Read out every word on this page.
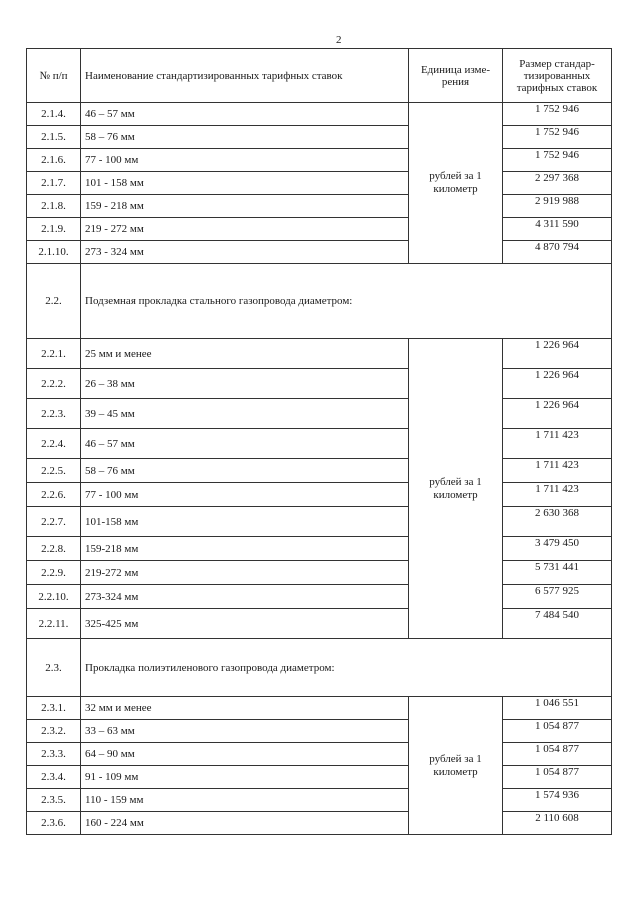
2
№ п/п	Наименование стандартизированных тарифных ставок	Единица изме-рения	Размер стандар-тизированных тарифных ставок
2.1.4.	46 – 57 мм	рублей за 1 километр	1 752 946
2.1.5.	58 – 76 мм		1 752 946
2.1.6.	77 - 100 мм		1 752 946
2.1.7.	101 - 158 мм		2 297 368
2.1.8.	159 - 218 мм		2 919 988
2.1.9.	219 - 272 мм		4 311 590
2.1.10.	273 - 324 мм		4 870 794
2.2.	Подземная прокладка стального газопровода диаметром:		
2.2.1.	25 мм и менее	рублей за 1 километр	1 226 964
2.2.2.	26 – 38 мм		1 226 964
2.2.3.	39 – 45 мм		1 226 964
2.2.4.	46 – 57 мм		1 711 423
2.2.5.	58 – 76 мм		1 711 423
2.2.6.	77 - 100 мм		1 711 423
2.2.7.	101-158 мм		2 630 368
2.2.8.	159-218 мм		3 479 450
2.2.9.	219-272 мм		5 731 441
2.2.10.	273-324 мм		6 577 925
2.2.11.	325-425 мм		7 484 540
2.3.	Прокладка полиэтиленового газопровода диаметром:		
2.3.1.	32 мм и менее	рублей за 1 километр	1 046 551
2.3.2.	33 – 63 мм		1 054 877
2.3.3.	64 – 90 мм		1 054 877
2.3.4.	91 - 109 мм		1 054 877
2.3.5.	110 - 159 мм		1 574 936
2.3.6.	160 - 224 мм		2 110 608
